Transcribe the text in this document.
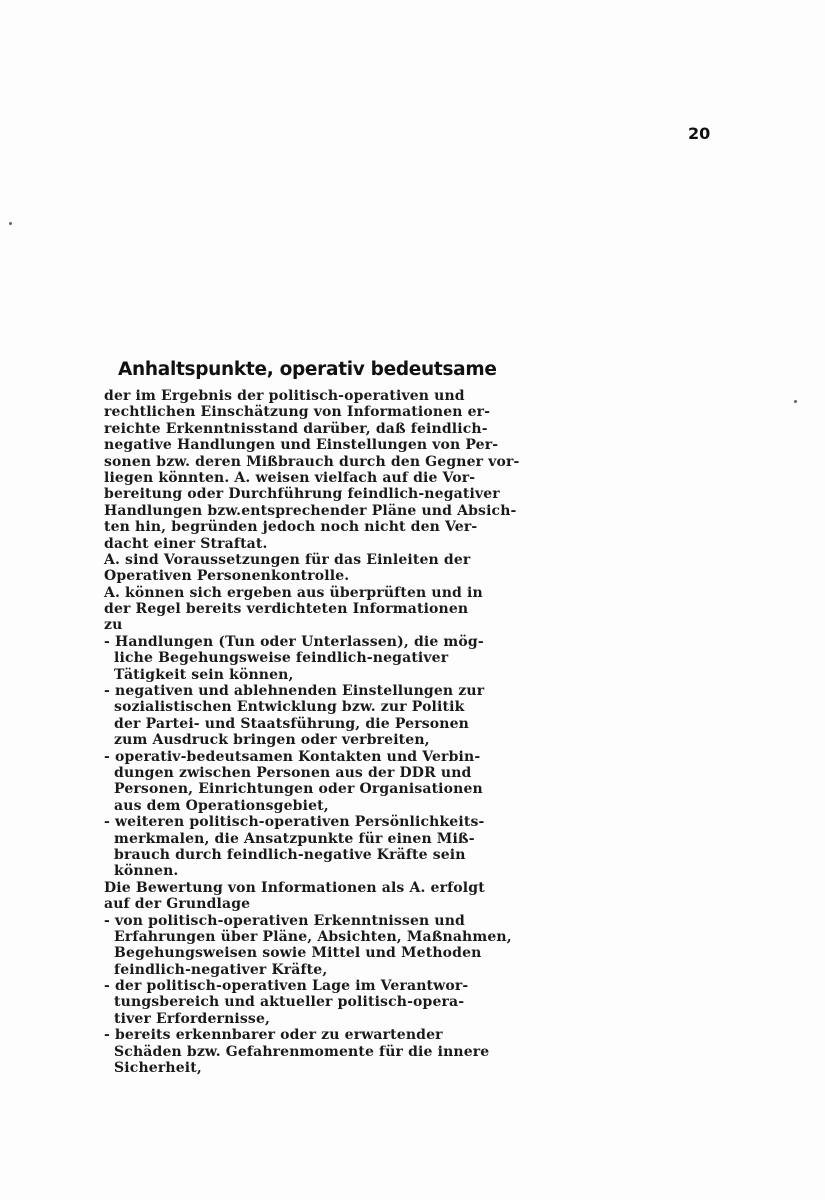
20
Anhaltspunkte, operativ bedeutsame
der im Ergebnis der politisch-operativen und
rechtlichen Einschätzung von Informationen er-
reichte Erkenntnisstand darüber, daß feindlich-
negative Handlungen und Einstellungen von Per-
sonen bzw. deren Mißbrauch durch den Gegner vor-
liegen könnten. A. weisen vielfach auf die Vor-
bereitung oder Durchführung feindlich-negativer
Handlungen bzw.entsprechender Pläne und Absich-
ten hin, begründen jedoch noch nicht den Ver-
dacht einer Straftat.
A. sind Voraussetzungen für das Einleiten der
Operativen Personenkontrolle.
A. können sich ergeben aus überprüften und in
der Regel bereits verdichteten Informationen
zu
- Handlungen (Tun oder Unterlassen), die mög-
liche Begehungsweise feindlich-negativer
Tätigkeit sein können,
- negativen und ablehnenden Einstellungen zur
sozialistischen Entwicklung bzw. zur Politik
der Partei- und Staatsführung, die Personen
zum Ausdruck bringen oder verbreiten,
- operativ-bedeutsamen Kontakten und Verbin-
dungen zwischen Personen aus der DDR und
Personen, Einrichtungen oder Organisationen
aus dem Operationsgebiet,
- weiteren politisch-operativen Persönlichkeits-
merkmalen, die Ansatzpunkte für einen Miß-
brauch durch feindlich-negative Kräfte sein
können.
Die Bewertung von Informationen als A. erfolgt
auf der Grundlage
- von politisch-operativen Erkenntnissen und
Erfahrungen über Pläne, Absichten, Maßnahmen,
Begehungsweisen sowie Mittel und Methoden
feindlich-negativer Kräfte,
- der politisch-operativen Lage im Verantwor-
tungsbereich und aktueller politisch-opera-
tiver Erfordernisse,
- bereits erkennbarer oder zu erwartender
Schäden bzw. Gefahrenmomente für die innere
Sicherheit,
